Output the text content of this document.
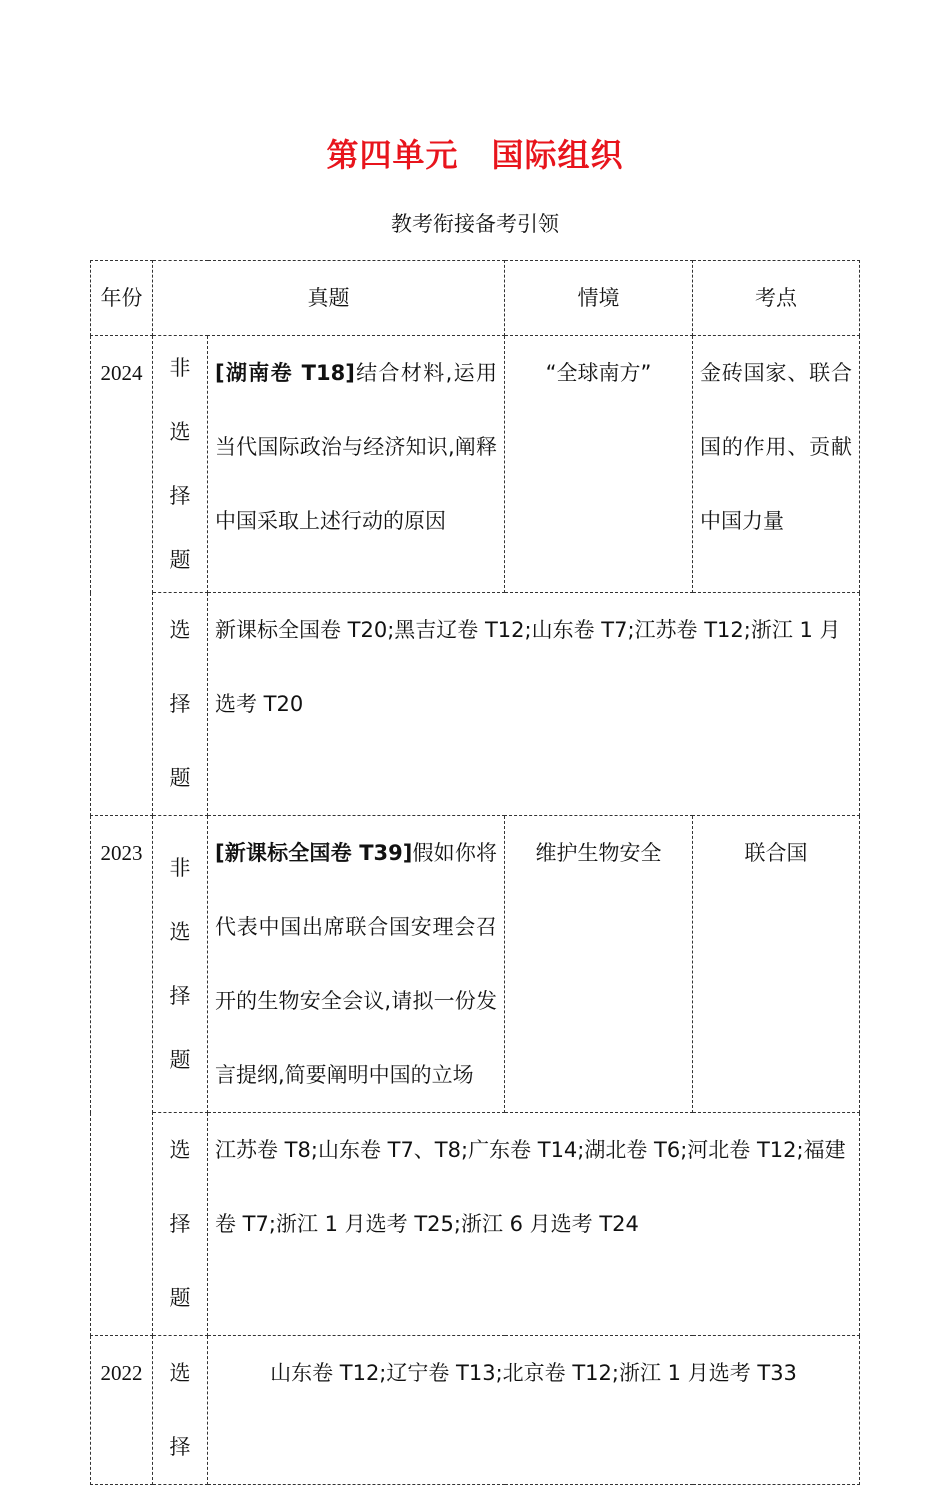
第四单元　国际组织
教考衔接备考引领
年份	真题		情境	考点
2024	非选择题	[湖南卷 T18]结合材料,运用当代国际政治与经济知识,阐释中国采取上述行动的原因	“全球南方”	金砖国家、联合国的作用、贡献中国力量
	选择题	新课标全国卷 T20;黑吉辽卷 T12;山东卷 T7;江苏卷 T12;浙江 1 月选考 T20		
2023	非选择题	[新课标全国卷 T39]假如你将代表中国出席联合国安理会召开的生物安全会议,请拟一份发言提纲,简要阐明中国的立场	维护生物安全	联合国
	选择题	江苏卷 T8;山东卷 T7、T8;广东卷 T14;湖北卷 T6;河北卷 T12;福建卷 T7;浙江 1 月选考 T25;浙江 6 月选考 T24		
2022	选择	山东卷 T12;辽宁卷 T13;北京卷 T12;浙江 1 月选考 T33		
